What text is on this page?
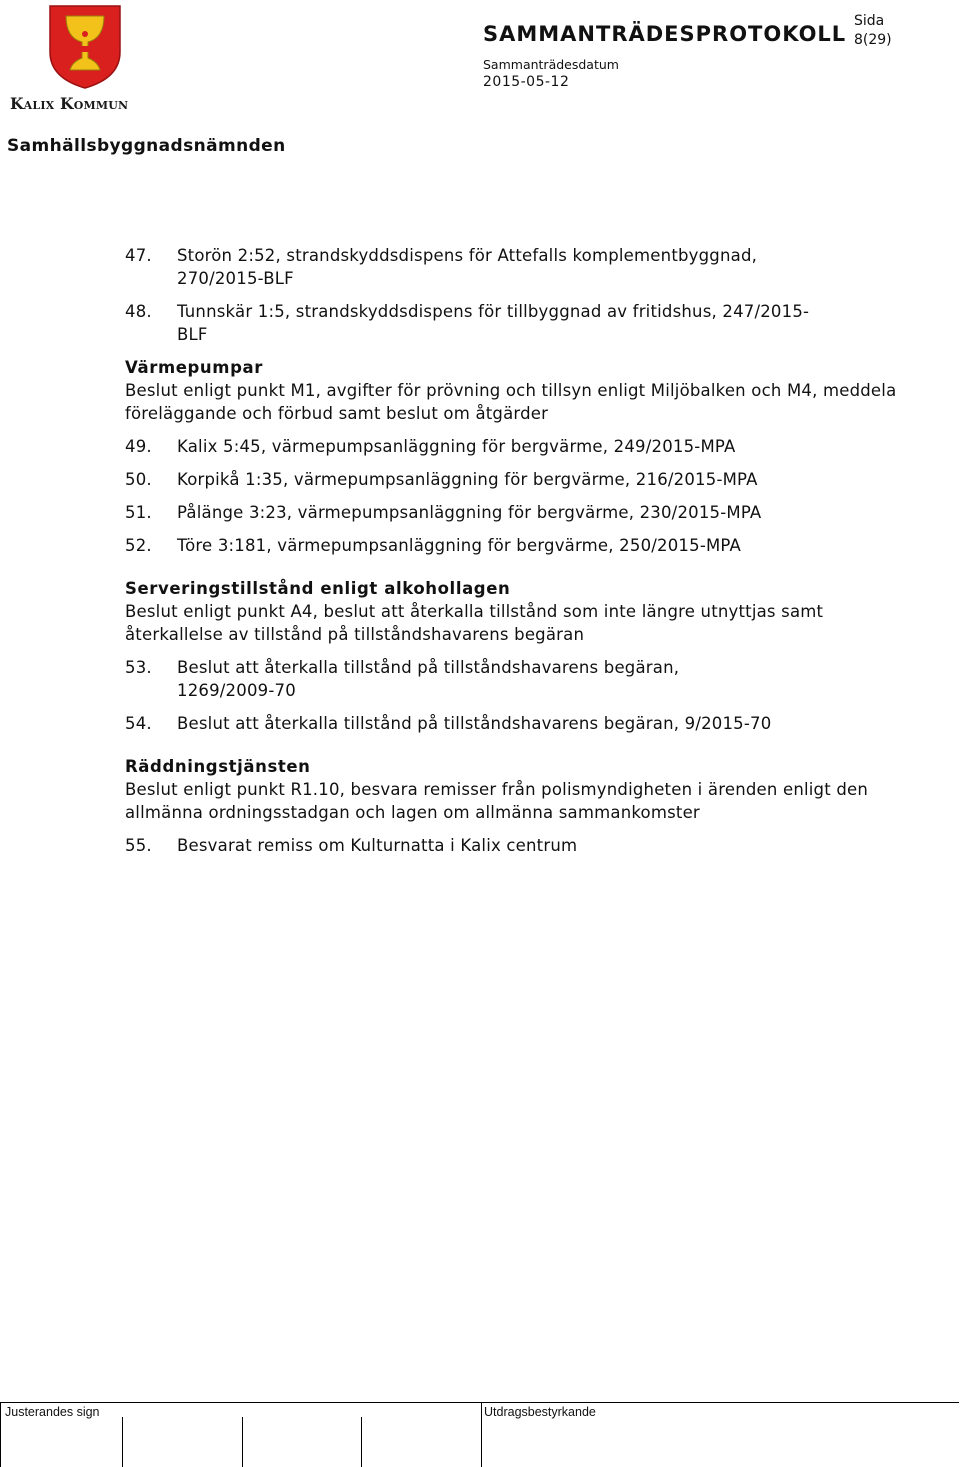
Kalix Kommun
SAMMANTRÄDESPROTOKOLL
Sida
8(29)
Sammanträdesdatum
2015-05-12
Samhällsbyggnadsnämnden
47. Storön 2:52, strandskyddsdispens för Attefalls komplementbyggnad, 270/2015-BLF
48. Tunnskär 1:5, strandskyddsdispens för tillbyggnad av fritidshus, 247/2015-BLF
Värmepumpar
Beslut enligt punkt M1, avgifter för prövning och tillsyn enligt Miljöbalken och M4, meddela föreläggande och förbud samt beslut om åtgärder
49. Kalix 5:45, värmepumpsanläggning för bergvärme, 249/2015-MPA
50. Korpikå 1:35, värmepumpsanläggning för bergvärme, 216/2015-MPA
51. Pålänge 3:23, värmepumpsanläggning för bergvärme, 230/2015-MPA
52. Töre 3:181, värmepumpsanläggning för bergvärme, 250/2015-MPA
Serveringstillstånd enligt alkohollagen
Beslut enligt punkt A4, beslut att återkalla tillstånd som inte längre utnyttjas samt återkallelse av tillstånd på tillståndshavarens begäran
53. Beslut att återkalla tillstånd på tillståndshavarens begäran, 1269/2009-70
54. Beslut att återkalla tillstånd på tillståndshavarens begäran, 9/2015-70
Räddningstjänsten
Beslut enligt punkt R1.10, besvara remisser från polismyndigheten i ärenden enligt den allmänna ordningsstadgan och lagen om allmänna sammankomster
55. Besvarat remiss om Kulturnatta i Kalix centrum
Justerandes sign	Utdragsbestyrkande
